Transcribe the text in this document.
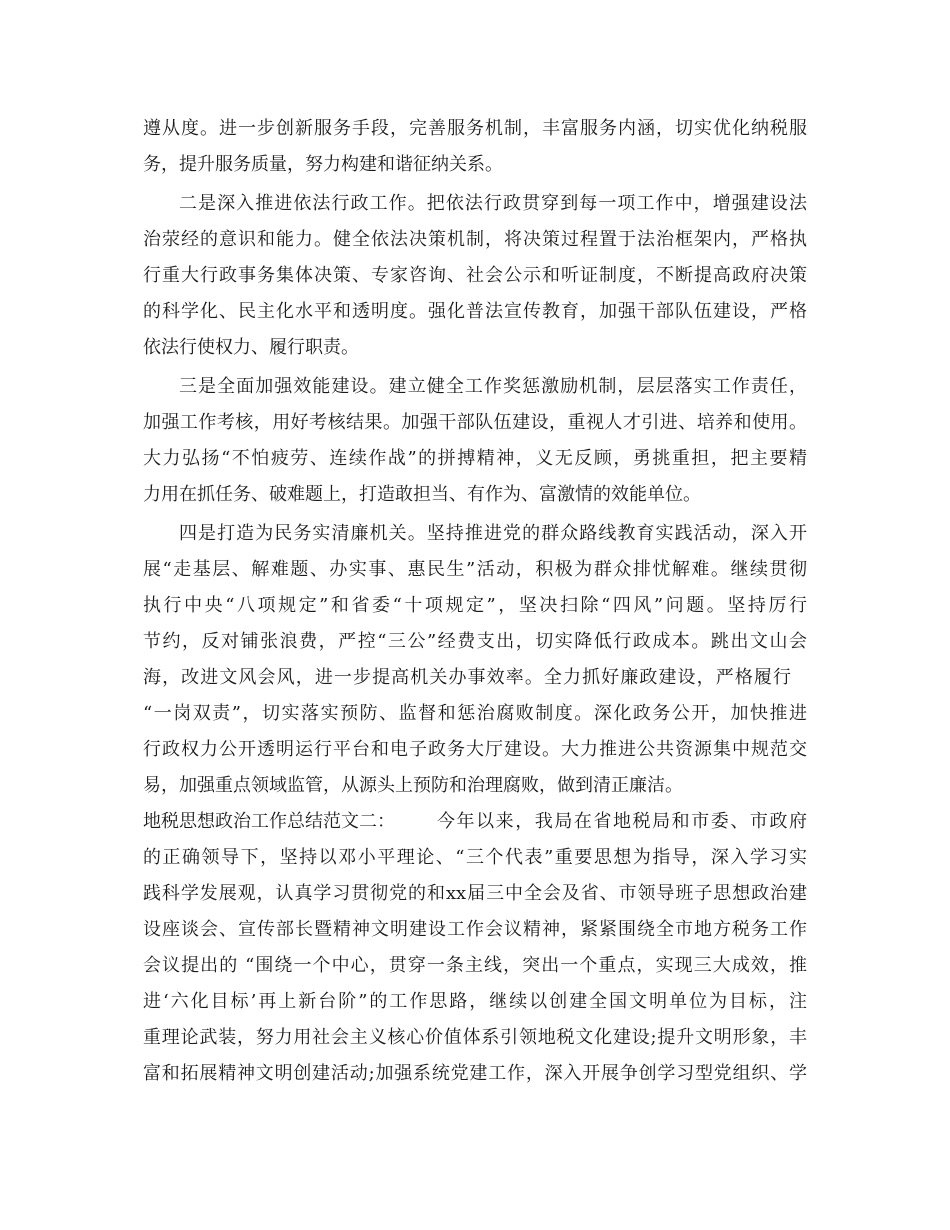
遵从度。进一步创新服务手段，完善服务机制，丰富服务内涵，切实优化纳税服
务，提升服务质量，努力构建和谐征纳关系。
二是深入推进依法行政工作。把依法行政贯穿到每一项工作中，增强建设法
治荥经的意识和能力。健全依法决策机制，将决策过程置于法治框架内，严格执
行重大行政事务集体决策、专家咨询、社会公示和听证制度，不断提高政府决策
的科学化、民主化水平和透明度。强化普法宣传教育，加强干部队伍建设，严格
依法行使权力、履行职责。
三是全面加强效能建设。建立健全工作奖惩激励机制，层层落实工作责任，
加强工作考核，用好考核结果。加强干部队伍建设，重视人才引进、培养和使用。
大力弘扬“不怕疲劳、连续作战”的拼搏精神，义无反顾，勇挑重担，把主要精
力用在抓任务、破难题上，打造敢担当、有作为、富激情的效能单位。
四是打造为民务实清廉机关。坚持推进党的群众路线教育实践活动，深入开
展“走基层、解难题、办实事、惠民生”活动，积极为群众排忧解难。继续贯彻
执行中央“八项规定”和省委“十项规定”，坚决扫除“四风”问题。坚持厉行
节约，反对铺张浪费，严控“三公”经费支出，切实降低行政成本。跳出文山会
海，改进文风会风，进一步提高机关办事效率。全力抓好廉政建设，严格履行
“一岗双责”，切实落实预防、监督和惩治腐败制度。深化政务公开，加快推进
行政权力公开透明运行平台和电子政务大厅建设。大力推进公共资源集中规范交
易，加强重点领域监管，从源头上预防和治理腐败，做到清正廉洁。
地税思想政治工作总结范文二： 今年以来，我局在省地税局和市委、市政府
的正确领导下，坚持以邓小平理论、“三个代表”重要思想为指导，深入学习实
践科学发展观，认真学习贯彻党的和xx届三中全会及省、市领导班子思想政治建
设座谈会、宣传部长暨精神文明建设工作会议精神，紧紧围绕全市地方税务工作
会议提出的 “围绕一个中心，贯穿一条主线，突出一个重点，实现三大成效，推
进‘六化目标’再上新台阶”的工作思路，继续以创建全国文明单位为目标，注
重理论武装，努力用社会主义核心价值体系引领地税文化建设;提升文明形象，丰
富和拓展精神文明创建活动;加强系统党建工作，深入开展争创学习型党组织、学
